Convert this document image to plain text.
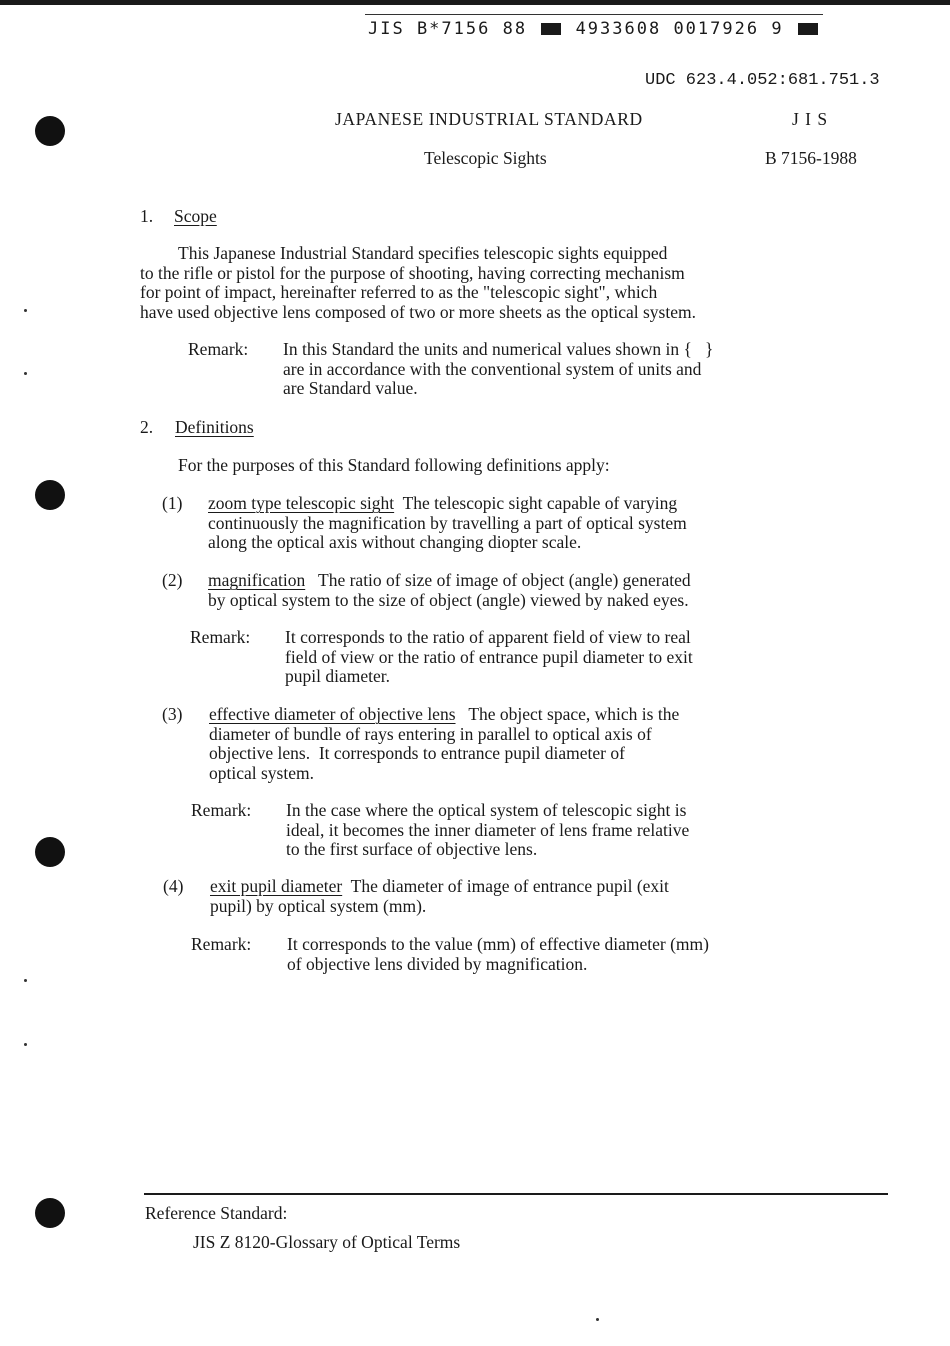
JIS B*7156 88	4933608 0017926 9
UDC 623.4.052:681.751.3
JAPANESE INDUSTRIAL STANDARD	J I S
Telescopic Sights	B 7156-1988
1. Scope
This Japanese Industrial Standard specifies telescopic sights equipped
to the rifle or pistol for the purpose of shooting, having correcting mechanism
for point of impact, hereinafter referred to as the "telescopic sight", which
have used objective lens composed of two or more sheets as the optical system.
Remark: In this Standard the units and numerical values shown in {   }
are in accordance with the conventional system of units and
are Standard value.
2. Definitions
For the purposes of this Standard following definitions apply:
(1) zoom type telescopic sight The telescopic sight capable of varying
continuously the magnification by travelling a part of optical system
along the optical axis without changing diopter scale.
(2) magnification The ratio of size of image of object (angle) generated
by optical system to the size of object (angle) viewed by naked eyes.
Remark: It corresponds to the ratio of apparent field of view to real
field of view or the ratio of entrance pupil diameter to exit
pupil diameter.
(3) effective diameter of objective lens The object space, which is the
diameter of bundle of rays entering in parallel to optical axis of
objective lens.  It corresponds to entrance pupil diameter of
optical system.
Remark: In the case where the optical system of telescopic sight is
ideal, it becomes the inner diameter of lens frame relative
to the first surface of objective lens.
(4) exit pupil diameter The diameter of image of entrance pupil (exit
pupil) by optical system (mm).
Remark: It corresponds to the value (mm) of effective diameter (mm)
of objective lens divided by magnification.
Reference Standard:
JIS Z 8120-Glossary of Optical Terms
